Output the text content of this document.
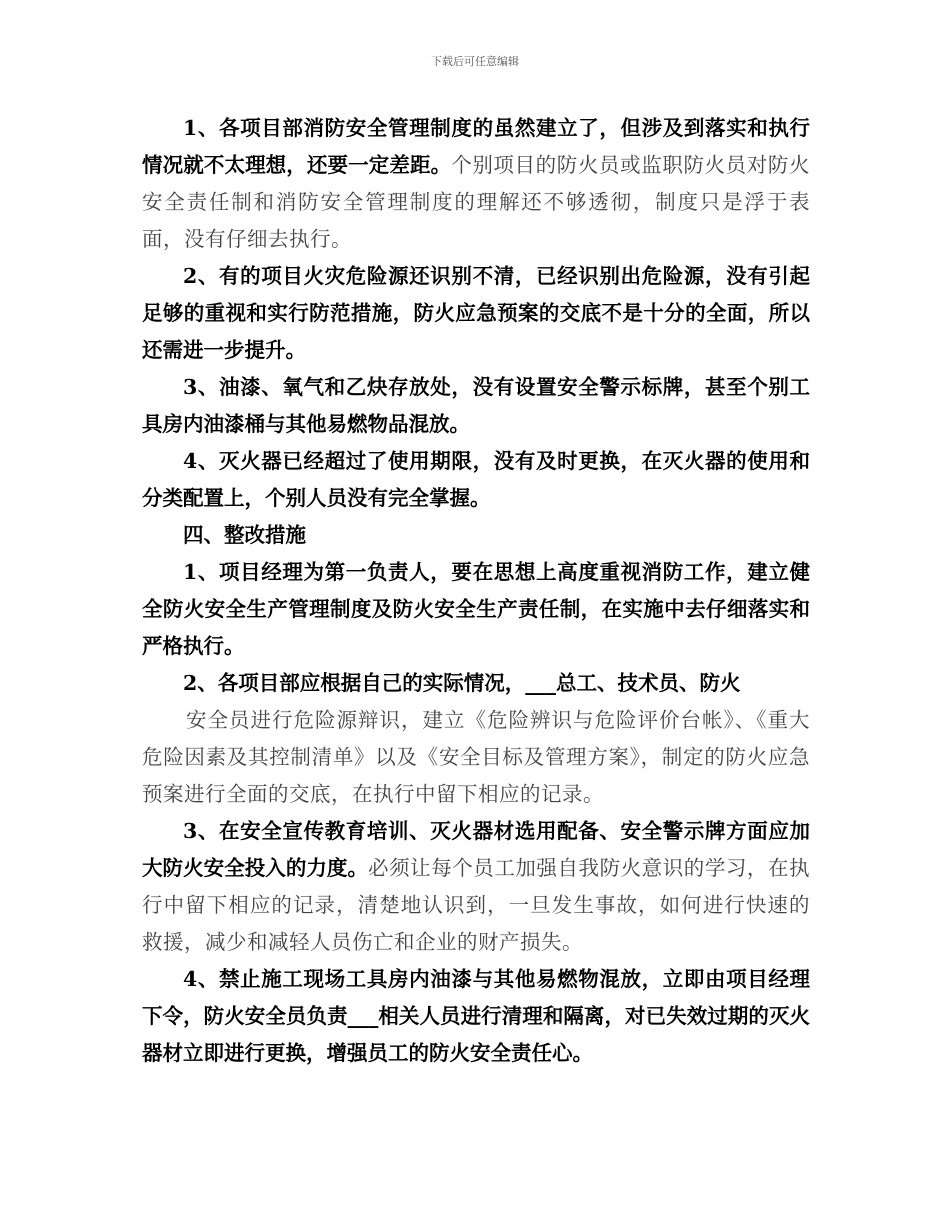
下载后可任意编辑

1、各项目部消防安全管理制度的虽然建立了，但涉及到落实和执行情况就不太理想，还要一定差距。个别项目的防火员或监职防火员对防火安全责任制和消防安全管理制度的理解还不够透彻，制度只是浮于表面，没有仔细去执行。

2、有的项目火灾危险源还识别不清，已经识别出危险源，没有引起足够的重视和实行防范措施，防火应急预案的交底不是十分的全面，所以还需进一步提升。

3、油漆、氧气和乙炔存放处，没有设置安全警示标牌，甚至个别工具房内油漆桶与其他易燃物品混放。

4、灭火器已经超过了使用期限，没有及时更换，在灭火器的使用和分类配置上，个别人员没有完全掌握。

四、整改措施

1、项目经理为第一负责人，要在思想上高度重视消防工作，建立健全防火安全生产管理制度及防火安全生产责任制，在实施中去仔细落实和严格执行。

2、各项目部应根据自己的实际情况，___总工、技术员、防火

安全员进行危险源辩识，建立《危险辨识与危险评价台帐》、《重大危险因素及其控制清单》以及《安全目标及管理方案》，制定的防火应急预案进行全面的交底，在执行中留下相应的记录。

3、在安全宣传教育培训、灭火器材选用配备、安全警示牌方面应加大防火安全投入的力度。必须让每个员工加强自我防火意识的学习，在执行中留下相应的记录，清楚地认识到，一旦发生事故，如何进行快速的救援，减少和减轻人员伤亡和企业的财产损失。

4、禁止施工现场工具房内油漆与其他易燃物混放，立即由项目经理下令，防火安全员负责___相关人员进行清理和隔离，对已失效过期的灭火器材立即进行更换，增强员工的防火安全责任心。
